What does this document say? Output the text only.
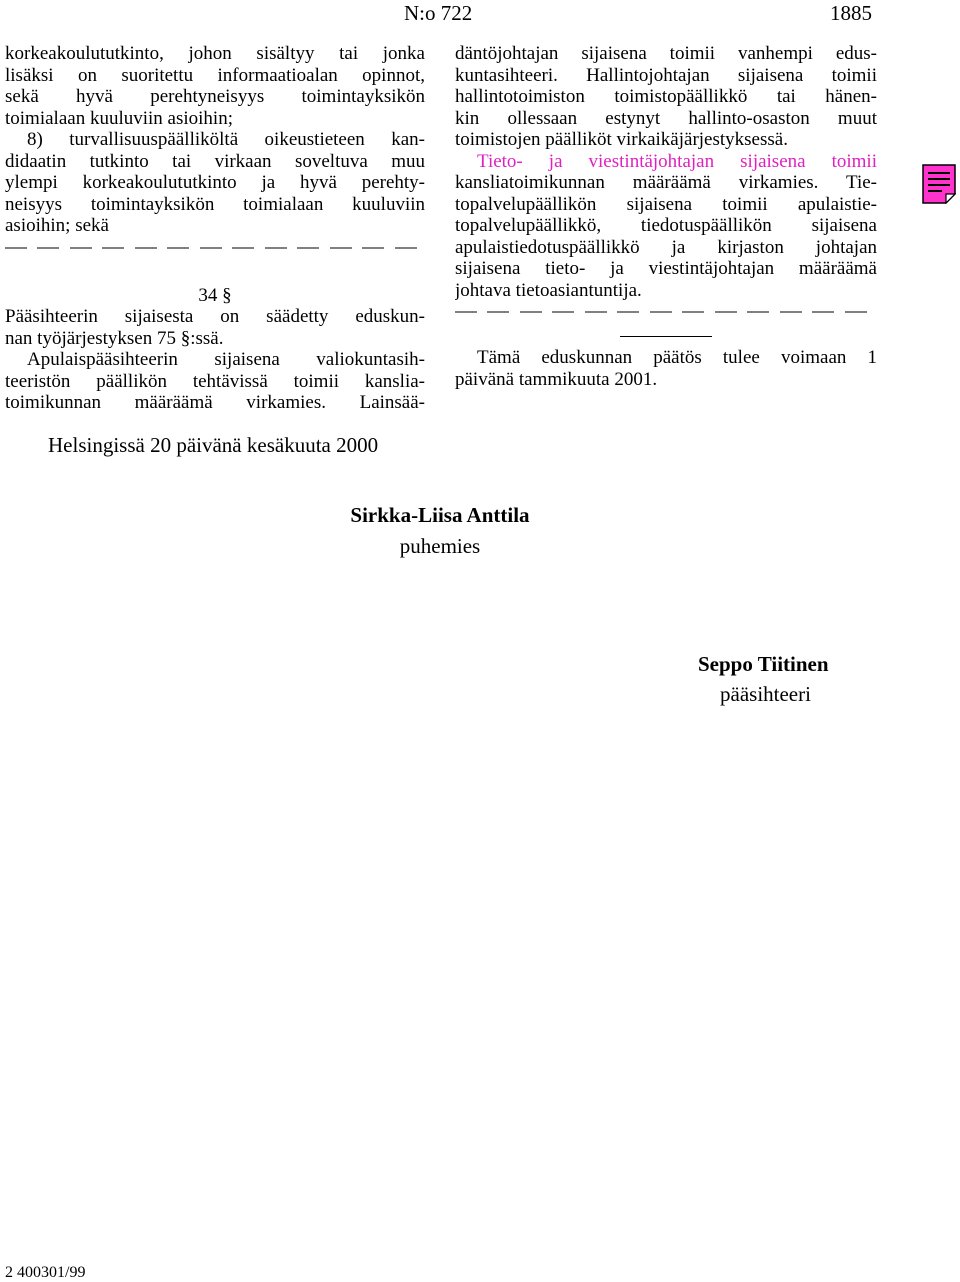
N:o 722	1885
korkeakoulututkinto, johon sisältyy tai jonka
lisäksi on suoritettu informaatioalan opinnot,
sekä hyvä perehtyneisyys toimintayksikön
toimialaan kuuluviin asioihin;
8) turvallisuuspäälliköltä oikeustieteen kan-
didaatin tutkinto tai virkaan soveltuva muu
ylempi korkeakoulututkinto ja hyvä perehty-
neisyys toimintayksikön toimialaan kuuluviin
asioihin; sekä
34 §
Pääsihteerin sijaisesta on säädetty eduskun-
nan työjärjestyksen 75 §:ssä.
Apulaispääsihteerin sijaisena valiokuntasih-
teeristön päällikön tehtävissä toimii kanslia-
toimikunnan määräämä virkamies. Lainsää-
däntöjohtajan sijaisena toimii vanhempi edus-
kuntasihteeri. Hallintojohtajan sijaisena toimii
hallintotoimiston toimistopäällikkö tai hänen-
kin ollessaan estynyt hallinto-osaston muut
toimistojen päälliköt virkaikäjärjestyksessä.
Tieto- ja viestintäjohtajan sijaisena toimii
kansliatoimikunnan määräämä virkamies. Tie-
topalvelupäällikön sijaisena toimii apulaistie-
topalvelupäällikkö, tiedotuspäällikön sijaisena
apulaistiedotuspäällikkö ja kirjaston johtajan
sijaisena tieto- ja viestintäjohtajan määräämä
johtava tietoasiantuntija.
Tämä eduskunnan päätös tulee voimaan 1
päivänä tammikuuta 2001.
Helsingissä 20 päivänä kesäkuuta 2000
Sirkka-Liisa Anttila
puhemies
Seppo Tiitinen
pääsihteeri
2 400301/99
